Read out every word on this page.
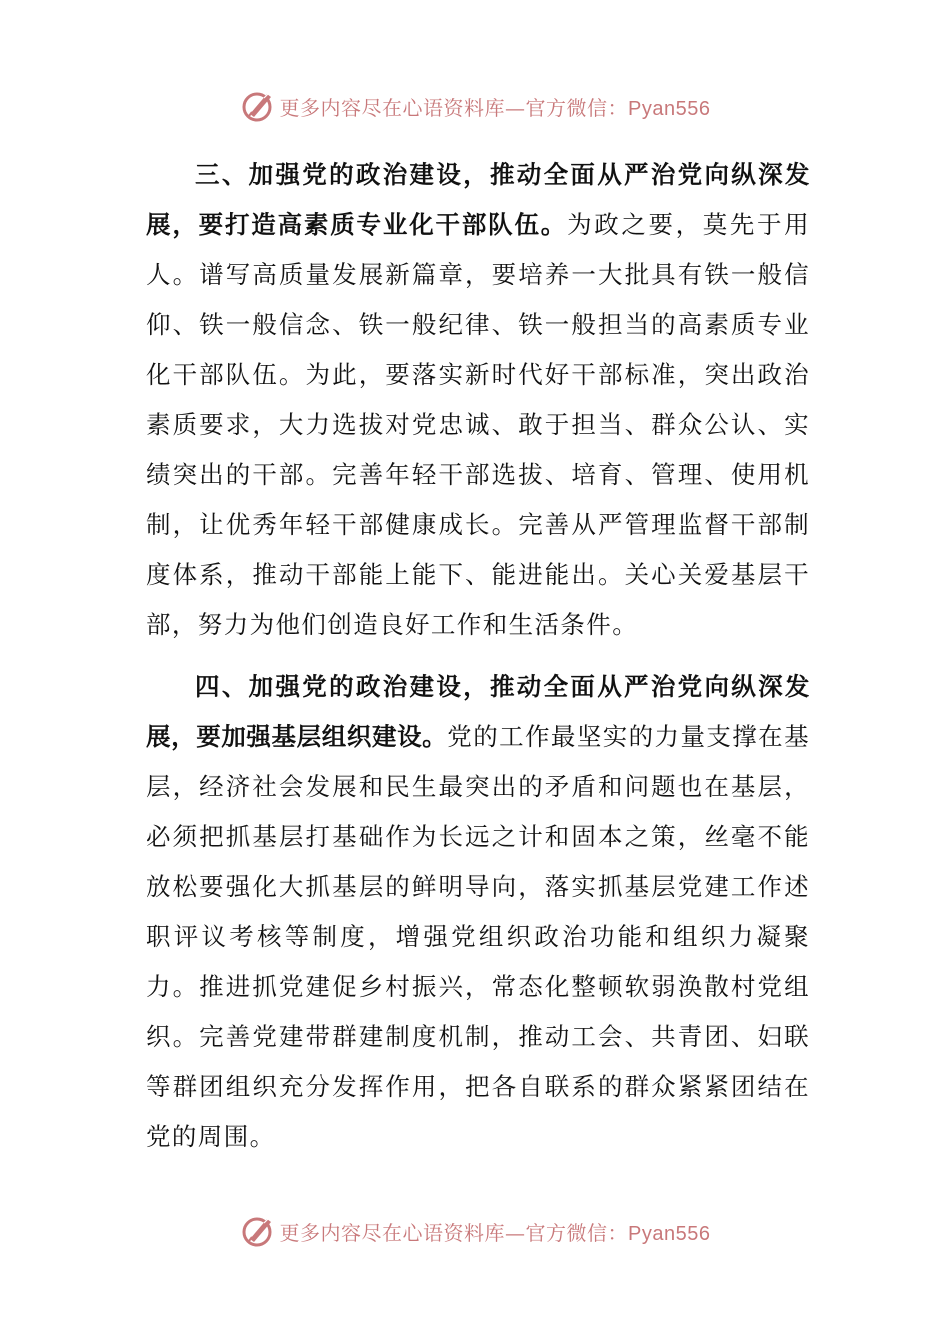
更多内容尽在心语资料库—官方微信：Pyan556

三、加强党的政治建设，推动全面从严治党向纵深发展，要打造高素质专业化干部队伍。为政之要，莫先于用人。谱写高质量发展新篇章，要培养一大批具有铁一般信仰、铁一般信念、铁一般纪律、铁一般担当的高素质专业化干部队伍。为此，要落实新时代好干部标准，突出政治素质要求，大力选拔对党忠诚、敢于担当、群众公认、实绩突出的干部。完善年轻干部选拔、培育、管理、使用机制，让优秀年轻干部健康成长。完善从严管理监督干部制度体系，推动干部能上能下、能进能出。关心关爱基层干部，努力为他们创造良好工作和生活条件。

四、加强党的政治建设，推动全面从严治党向纵深发展，要加强基层组织建设。党的工作最坚实的力量支撑在基层，经济社会发展和民生最突出的矛盾和问题也在基层，必须把抓基层打基础作为长远之计和固本之策，丝毫不能放松要强化大抓基层的鲜明导向，落实抓基层党建工作述职评议考核等制度，增强党组织政治功能和组织力凝聚力。推进抓党建促乡村振兴，常态化整顿软弱涣散村党组织。完善党建带群建制度机制，推动工会、共青团、妇联等群团组织充分发挥作用，把各自联系的群众紧紧团结在党的周围。

更多内容尽在心语资料库—官方微信：Pyan556
